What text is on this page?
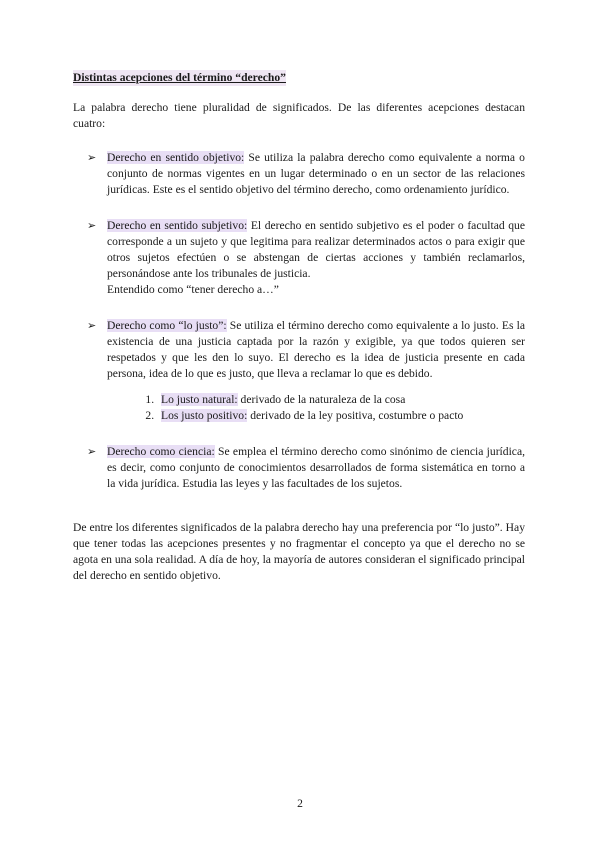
Distintas acepciones del término “derecho”

La palabra derecho tiene pluralidad de significados. De las diferentes acepciones destacan cuatro:

➢ Derecho en sentido objetivo: Se utiliza la palabra derecho como equivalente a norma o conjunto de normas vigentes en un lugar determinado o en un sector de las relaciones jurídicas. Este es el sentido objetivo del término derecho, como ordenamiento jurídico.

➢ Derecho en sentido subjetivo: El derecho en sentido subjetivo es el poder o facultad que corresponde a un sujeto y que legitima para realizar determinados actos o para exigir que otros sujetos efectúen o se abstengan de ciertas acciones y también reclamarlos, personándose ante los tribunales de justicia.

Entendido como “tener derecho a…”

➢ Derecho como “lo justo”: Se utiliza el término derecho como equivalente a lo justo. Es la existencia de una justicia captada por la razón y exigible, ya que todos quieren ser respetados y que les den lo suyo. El derecho es la idea de justicia presente en cada persona, idea de lo que es justo, que lleva a reclamar lo que es debido.

1. Lo justo natural: derivado de la naturaleza de la cosa
2. Los justo positivo: derivado de la ley positiva, costumbre o pacto
➢ Derecho como ciencia: Se emplea el término derecho como sinónimo de ciencia jurídica, es decir, como conjunto de conocimientos desarrollados de forma sistemática en torno a la vida jurídica. Estudia las leyes y las facultades de los sujetos.

De entre los diferentes significados de la palabra derecho hay una preferencia por “lo justo”. Hay que tener todas las acepciones presentes y no fragmentar el concepto ya que el derecho no se agota en una sola realidad. A día de hoy, la mayoría de autores consideran el significado principal del derecho en sentido objetivo.

2
